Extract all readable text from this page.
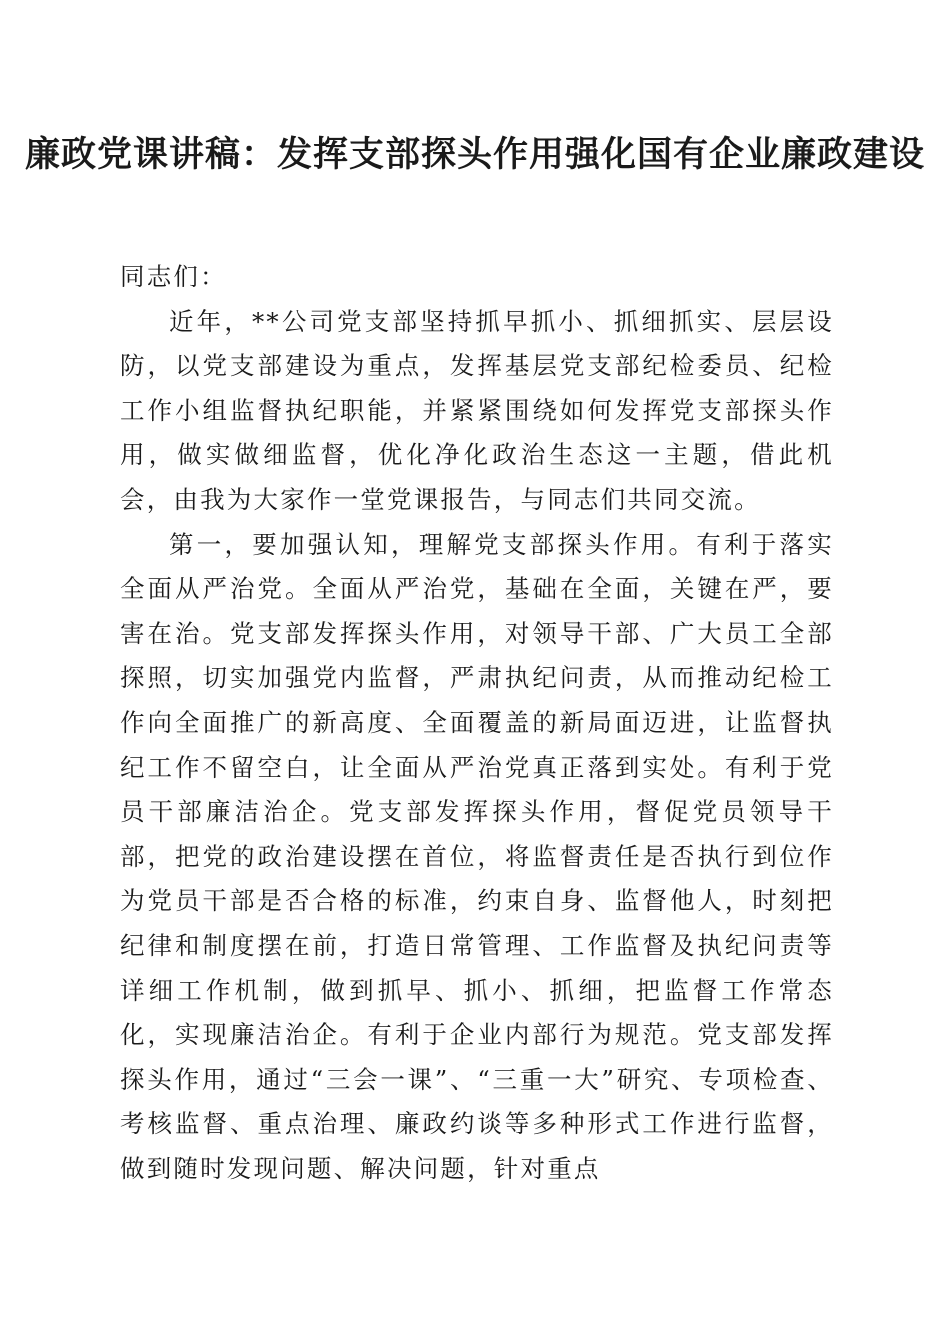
廉政党课讲稿：发挥支部探头作用强化国有企业廉政建设

同志们：

近年，**公司党支部坚持抓早抓小、抓细抓实、层层设防，以党支部建设为重点，发挥基层党支部纪检委员、纪检工作小组监督执纪职能，并紧紧围绕如何发挥党支部探头作用，做实做细监督，优化净化政治生态这一主题，借此机会，由我为大家作一堂党课报告，与同志们共同交流。

第一，要加强认知，理解党支部探头作用。有利于落实全面从严治党。全面从严治党，基础在全面，关键在严，要害在治。党支部发挥探头作用，对领导干部、广大员工全部探照，切实加强党内监督，严肃执纪问责，从而推动纪检工作向全面推广的新高度、全面覆盖的新局面迈进，让监督执纪工作不留空白，让全面从严治党真正落到实处。有利于党员干部廉洁治企。党支部发挥探头作用，督促党员领导干部，把党的政治建设摆在首位，将监督责任是否执行到位作为党员干部是否合格的标准，约束自身、监督他人，时刻把纪律和制度摆在前，打造日常管理、工作监督及执纪问责等详细工作机制，做到抓早、抓小、抓细，把监督工作常态化，实现廉洁治企。有利于企业内部行为规范。党支部发挥探头作用，通过“三会一课”、“三重一大”研究、专项检查、考核监督、重点治理、廉政约谈等多种形式工作进行监督，做到随时发现问题、解决问题，针对重点
